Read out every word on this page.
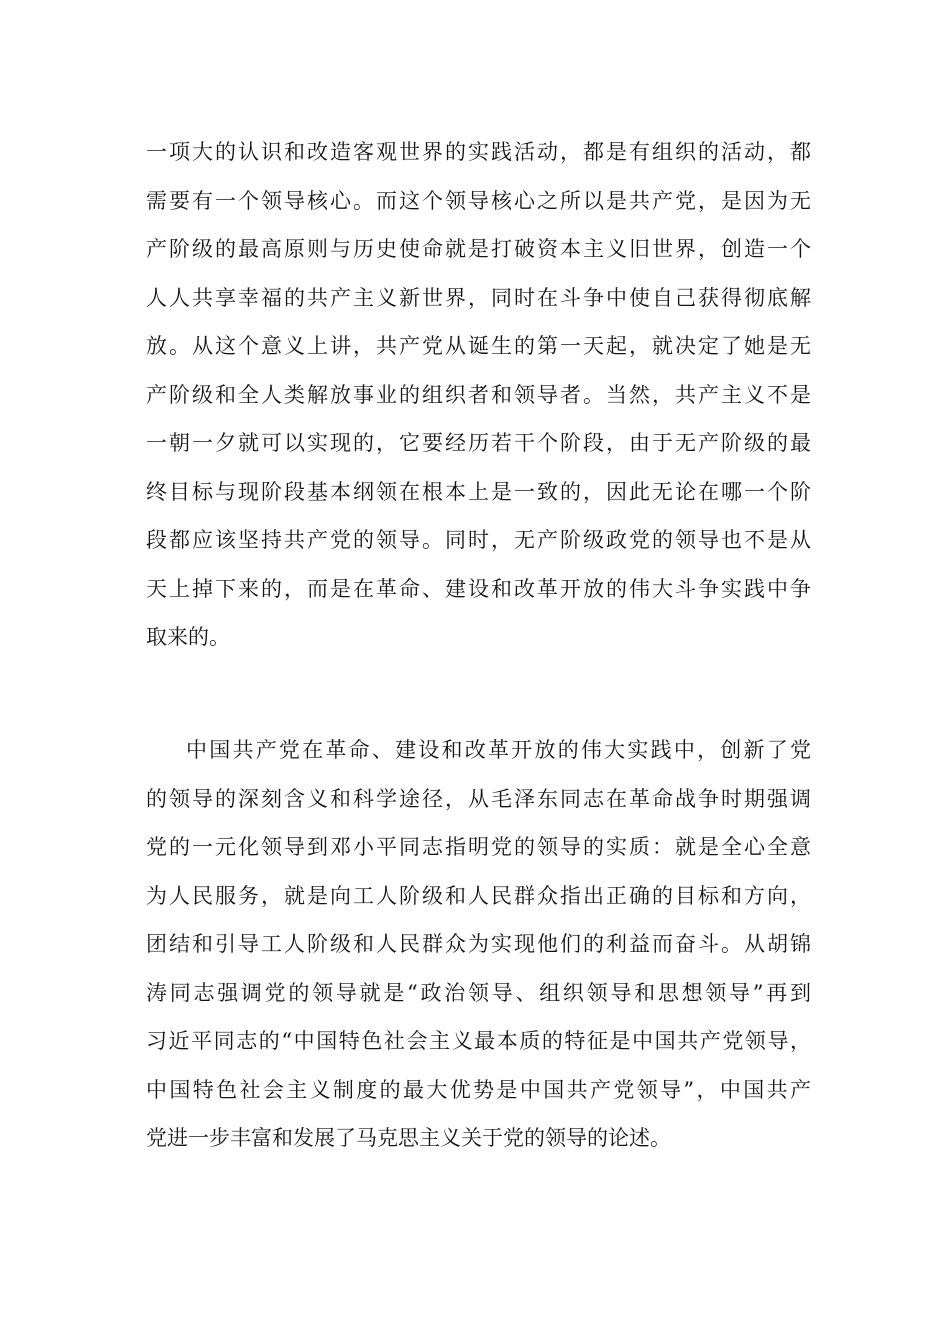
一项大的认识和改造客观世界的实践活动，都是有组织的活动，都
需要有一个领导核心。而这个领导核心之所以是共产党，是因为无
产阶级的最高原则与历史使命就是打破资本主义旧世界，创造一个
人人共享幸福的共产主义新世界，同时在斗争中使自己获得彻底解
放。从这个意义上讲，共产党从诞生的第一天起，就决定了她是无
产阶级和全人类解放事业的组织者和领导者。当然，共产主义不是
一朝一夕就可以实现的，它要经历若干个阶段，由于无产阶级的最
终目标与现阶段基本纲领在根本上是一致的，因此无论在哪一个阶
段都应该坚持共产党的领导。同时，无产阶级政党的领导也不是从
天上掉下来的，而是在革命、建设和改革开放的伟大斗争实践中争
取来的。
中国共产党在革命、建设和改革开放的伟大实践中，创新了党
的领导的深刻含义和科学途径，从毛泽东同志在革命战争时期强调
党的一元化领导到邓小平同志指明党的领导的实质：就是全心全意
为人民服务，就是向工人阶级和人民群众指出正确的目标和方向，
团结和引导工人阶级和人民群众为实现他们的利益而奋斗。从胡锦
涛同志强调党的领导就是“政治领导、组织领导和思想领导”再到
习近平同志的“中国特色社会主义最本质的特征是中国共产党领导，
中国特色社会主义制度的最大优势是中国共产党领导”，中国共产
党进一步丰富和发展了马克思主义关于党的领导的论述。
